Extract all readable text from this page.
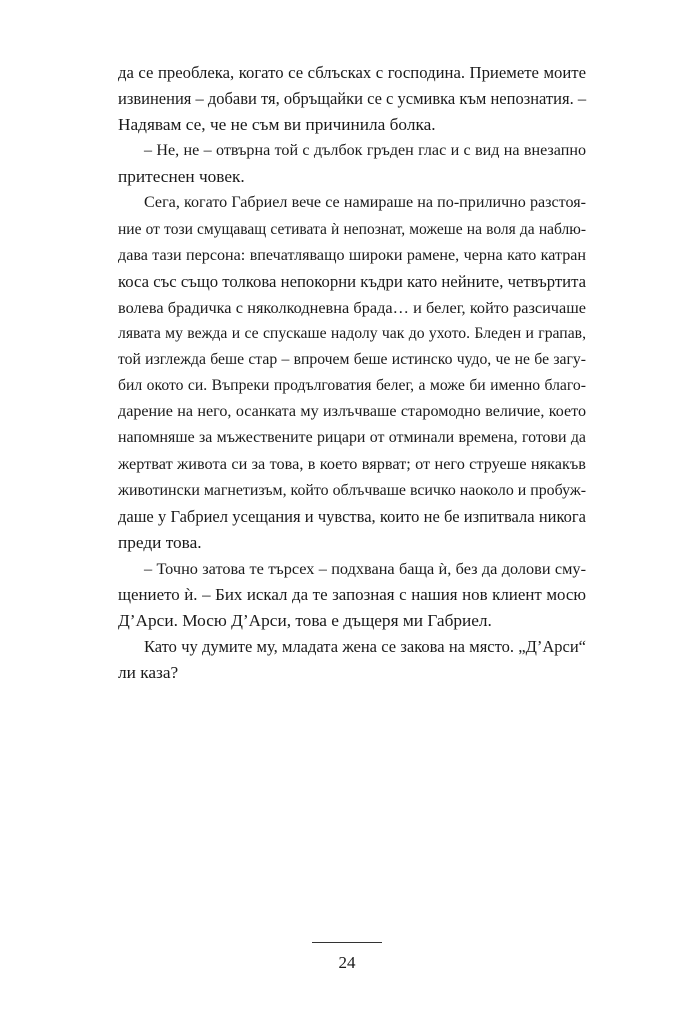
да се преоблека, когато се сблъсках с господина. Приемете моите
извинения – добави тя, обръщайки се с усмивка към непознатия. –
Надявам се, че не съм ви причинила болка.
– Не, не – отвърна той с дълбок гръден глас и с вид на внезапно
притеснен човек.
Сега, когато Габриел вече се намираше на по-прилично разстоя-
ние от този смущаващ сетивата ѝ непознат, можеше на воля да наблю-
дава тази персона: впечатляващо широки рамене, черна като катран
коса със също толкова непокорни къдри като нейните, четвъртита
волева брадичка с няколкодневна брада… и белег, който разсичаше
лявата му вежда и се спускаше надолу чак до ухото. Бледен и грапав,
той изглежда беше стар – впрочем беше истинско чудо, че не бе загу-
бил окото си. Въпреки продълговатия белег, а може би именно благо-
дарение на него, осанката му излъчваше старомодно величие, което
напомняше за мъжествените рицари от отминали времена, готови да
жертват живота си за това, в което вярват; от него струеше някакъв
животински магнетизъм, който облъчваше всичко наоколо и пробуж-
даше у Габриел усещания и чувства, които не бе изпитвала никога
преди това.
– Точно затова те търсех – подхвана баща ѝ, без да долови сму-
щението ѝ. – Бих искал да те запозная с нашия нов клиент мосю
Д’Арси. Мосю Д’Арси, това е дъщеря ми Габриел.
Като чу думите му, младата жена се закова на място. „Д’Арси“
ли каза?
24
